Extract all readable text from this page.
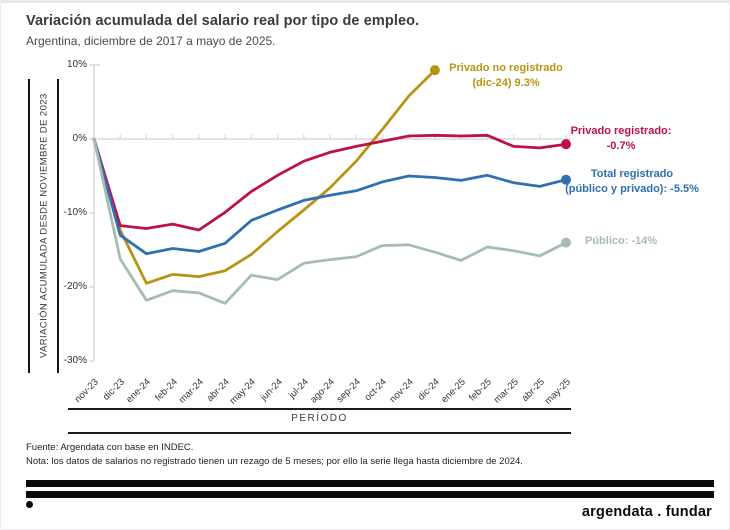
Variación acumulada del salario real por tipo de empleo.
Argentina, diciembre de 2017 a mayo de 2025.
VARIACIÓN ACUMULADA DESDE NOVIEMBRE DE 2023
10%
0%
-10%
-20%
-30%
nov-23 dic-23
ene-24 feb-24
mar-24 abr-24
may-24 jun-24 jul-24
ago-24
sep-24 oct-24
nov-24 dic-24
ene-25 feb-25
mar-25 abr-25
may-25
Privado no registrado
(dic-24) 9.3%
Privado registrado:
-0.7%
Total registrado
(público y privado): -5.5%
Público: -14%
PERÍODO
Fuente: Argendata con base en INDEC.
Nota: los datos de salarios no registrado tienen un rezago de 5 meses; por ello la serie llega hasta diciembre de 2024.
argendata . fundar
